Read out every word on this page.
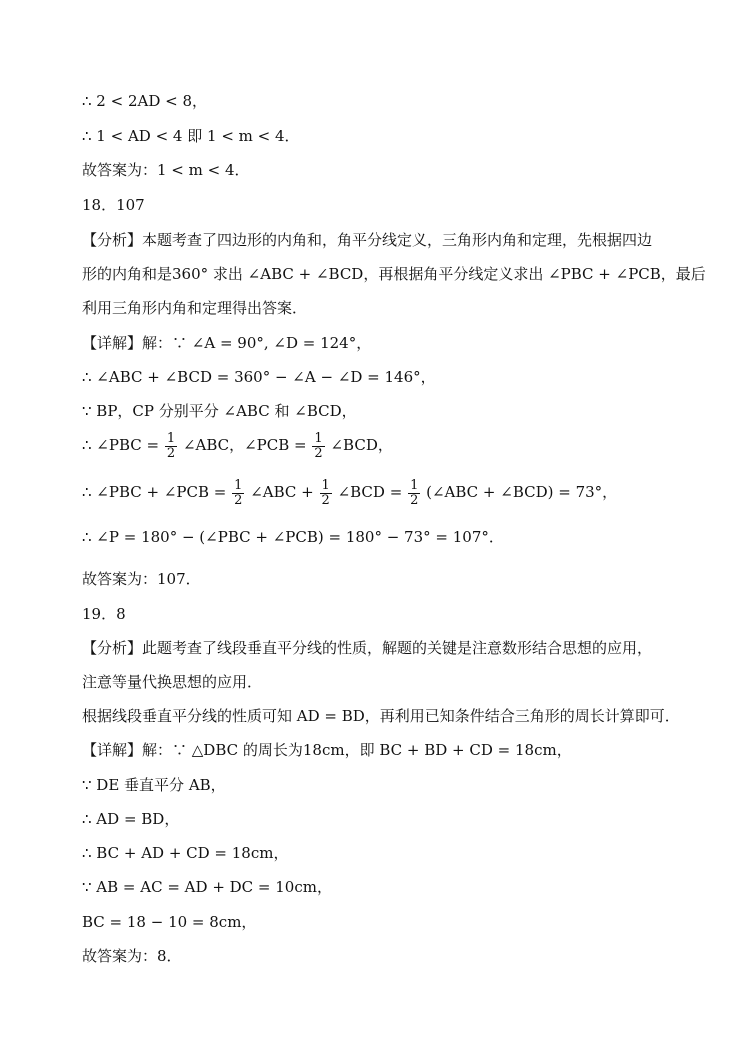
∴ 2 < 2AD < 8，
∴ 1 < AD < 4 即 1 < m < 4．
故答案为：1 < m < 4．
18．107
【分析】本题考查了四边形的内角和，角平分线定义，三角形内角和定理，先根据四边
形的内角和是360° 求出 ∠ABC + ∠BCD，再根据角平分线定义求出 ∠PBC + ∠PCB，最后
利用三角形内角和定理得出答案．
【详解】解：∵ ∠A = 90°, ∠D = 124°，
∴ ∠ABC + ∠BCD = 360° − ∠A − ∠D = 146°，
∵ BP，CP 分别平分 ∠ABC 和 ∠BCD，
∴ ∠PBC = $\frac{1}{2}$ ∠ABC，∠PCB = $\frac{1}{2}$ ∠BCD，
∴ ∠PBC + ∠PCB = $\frac{1}{2}$ ∠ABC + $\frac{1}{2}$ ∠BCD = $\frac{1}{2}$ (∠ABC + ∠BCD) = 73°，
∴ ∠P = 180° − (∠PBC + ∠PCB) = 180° − 73° = 107°．
故答案为：107．
19．8
【分析】此题考查了线段垂直平分线的性质，解题的关键是注意数形结合思想的应用，
注意等量代换思想的应用．
根据线段垂直平分线的性质可知 AD = BD，再利用已知条件结合三角形的周长计算即可．
【详解】解：∵ △DBC 的周长为18cm，即 BC + BD + CD = 18cm，
∵ DE 垂直平分 AB，
∴ AD = BD，
∴ BC + AD + CD = 18cm，
∵ AB = AC = AD + DC = 10cm，
BC = 18 − 10 = 8cm，
故答案为：8．
